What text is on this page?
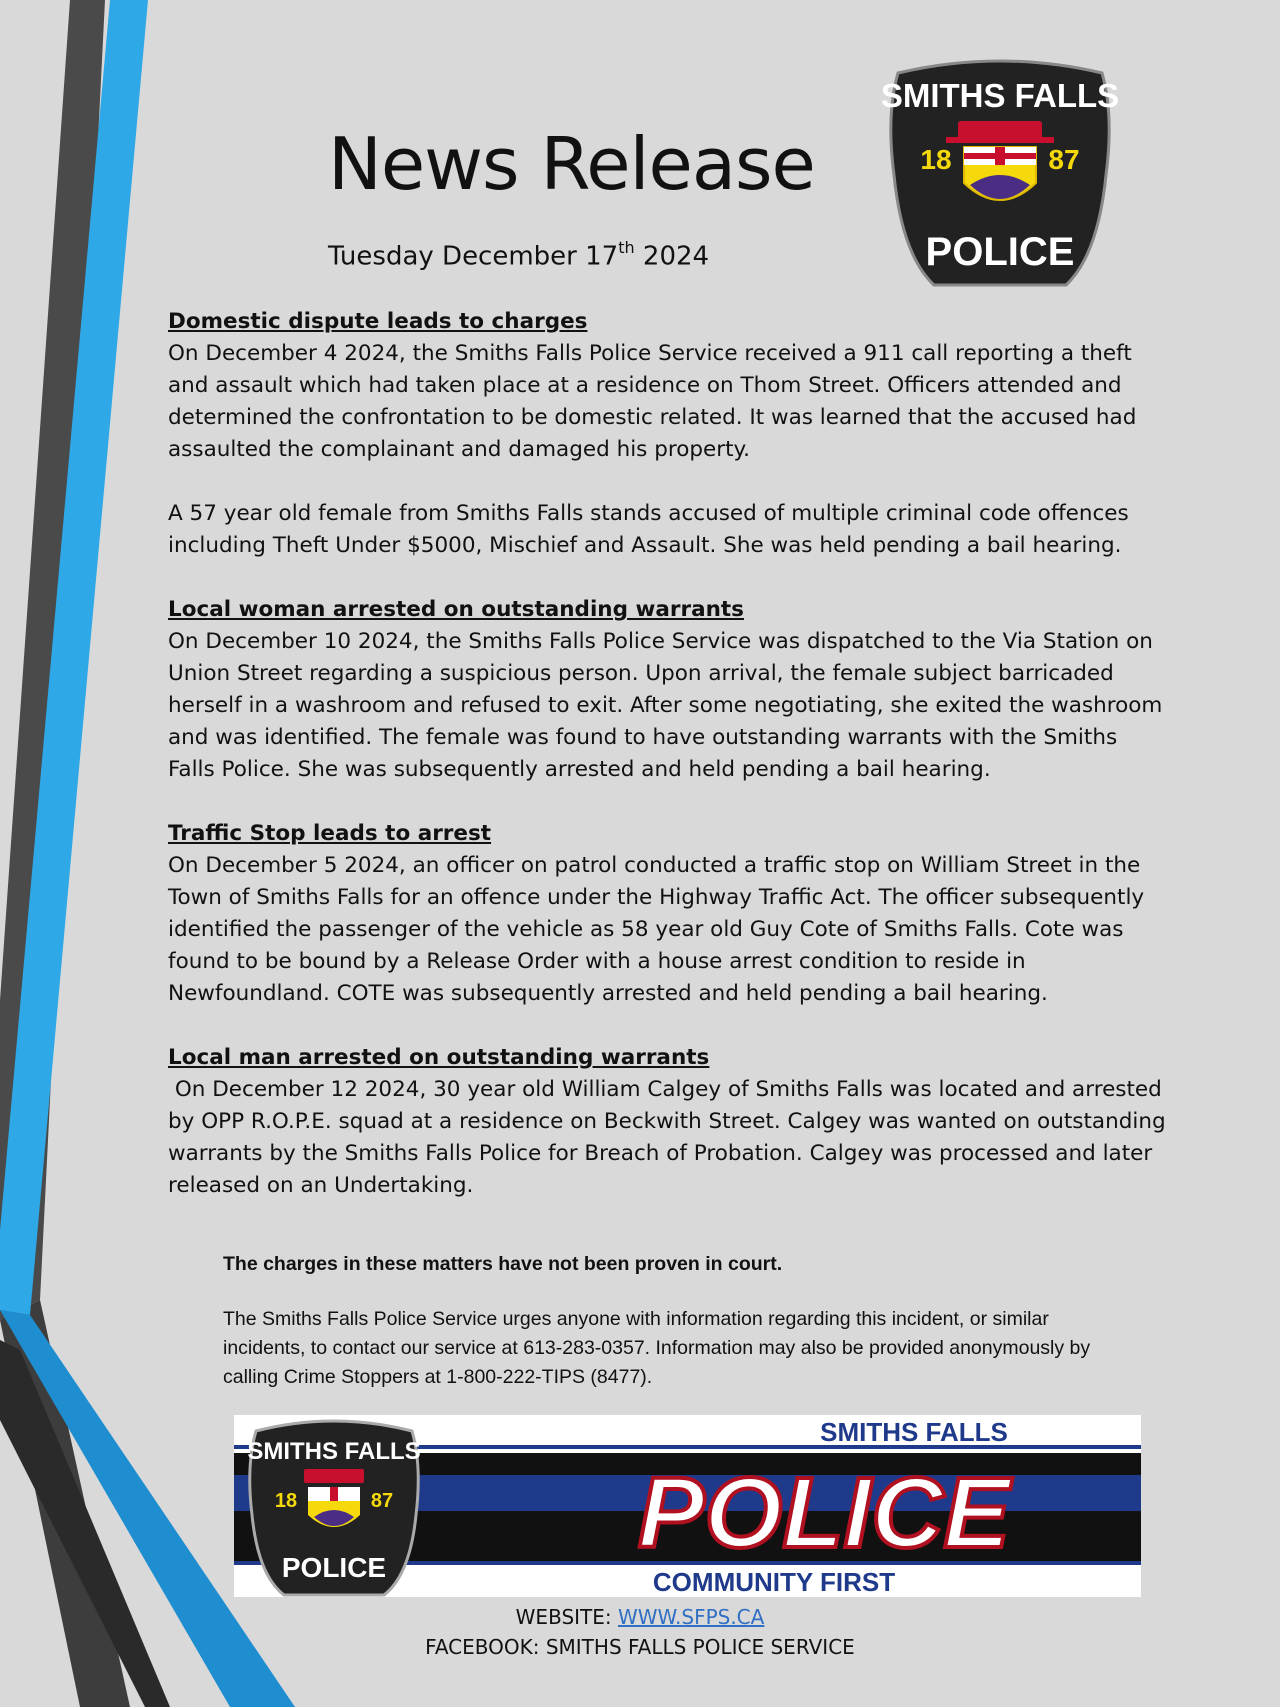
News Release
Tuesday December 17th 2024
SMITHS FALLS
18	87
POLICE
Domestic dispute leads to charges

On December 4 2024, the Smiths Falls Police Service received a 911 call reporting a theft and assault which had taken place at a residence on Thom Street. Officers attended and determined the confrontation to be domestic related. It was learned that the accused had assaulted the complainant and damaged his property.

A 57 year old female from Smiths Falls stands accused of multiple criminal code offences including Theft Under $5000, Mischief and Assault. She was held pending a bail hearing.

Local woman arrested on outstanding warrants

On December 10 2024, the Smiths Falls Police Service was dispatched to the Via Station on Union Street regarding a suspicious person. Upon arrival, the female subject barricaded herself in a washroom and refused to exit. After some negotiating, she exited the washroom and was identified. The female was found to have outstanding warrants with the Smiths Falls Police. She was subsequently arrested and held pending a bail hearing.

Traffic Stop leads to arrest

On December 5 2024, an officer on patrol conducted a traffic stop on William Street in the Town of Smiths Falls for an offence under the Highway Traffic Act. The officer subsequently identified the passenger of the vehicle as 58 year old Guy Cote of Smiths Falls. Cote was found to be bound by a Release Order with a house arrest condition to reside in Newfoundland. COTE was subsequently arrested and held pending a bail hearing.

Local man arrested on outstanding warrants

On December 12 2024, 30 year old William Calgey of Smiths Falls was located and arrested by OPP R.O.P.E. squad at a residence on Beckwith Street. Calgey was wanted on outstanding warrants by the Smiths Falls Police for Breach of Probation. Calgey was processed and later released on an Undertaking.

The charges in these matters have not been proven in court.

The Smiths Falls Police Service urges anyone with information regarding this incident, or similar incidents, to contact our service at 613-283-0357. Information may also be provided anonymously by calling Crime Stoppers at 1-800-222-TIPS (8477).

SMITHS FALLS
POLICE
COMMUNITY FIRST
SMITHS FALLS
18	87
POLICE
WEBSITE: WWW.SFPS.CA
FACEBOOK: SMITHS FALLS POLICE SERVICE
